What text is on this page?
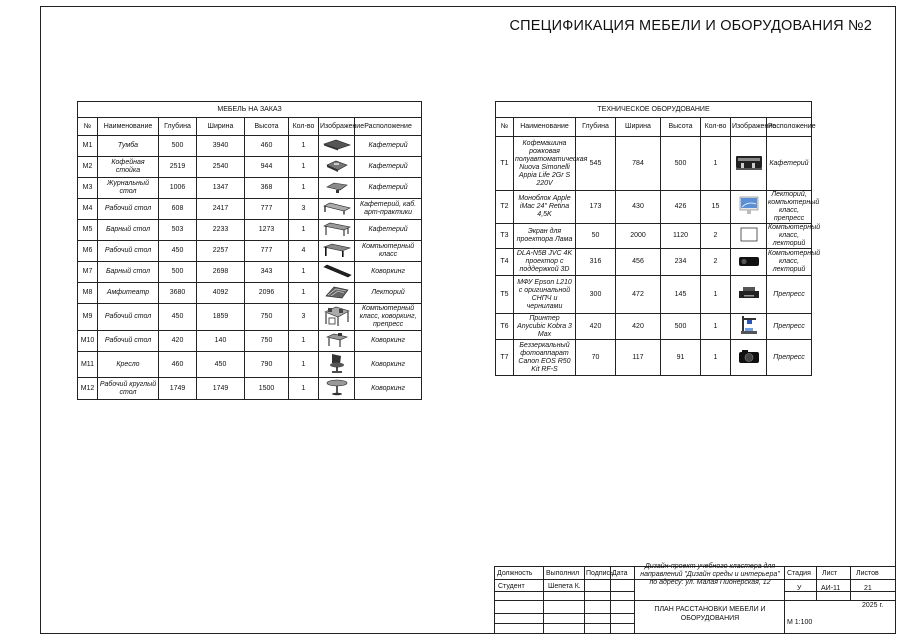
СПЕЦИФИКАЦИЯ МЕБЕЛИ И ОБОРУДОВАНИЯ №2
МЕБЕЛЬ НА ЗАКАЗ							
№	Наименование	Глубина	Ширина	Высота	Кол-во	Изображение	Расположение
М1	Тумба	500	3940	460	1		Кафетерий
М2	Кофейная стойка	2519	2540	944	1		Кафетерий
М3	Журнальный стол	1006	1347	368	1		Кафетерий
М4	Рабочий стол	608	2417	777	3		Кафетерий, каб. арт-практики
М5	Барный стол	503	2233	1273	1		Кафетерий
М6	Рабочий стол	450	2257	777	4		Компьютерный класс
М7	Барный стол	500	2698	343	1		Коворкинг
М8	Амфитеатр	3680	4092	2096	1		Лекторий
М9	Рабочий стол	450	1859	750	3		Компьютерный класс, коворкинг, препресс
М10	Рабочий стол	420	140	750	1		Коворкинг
М11	Кресло	460	450	790	1		Коворкинг
М12	Рабочий круглый стол	1749	1749	1500	1		Коворкинг
ТЕХНИЧЕСКОЕ ОБОРУДОВАНИЕ							
№	Наименование	Глубина	Ширина	Высота	Кол-во	Изображение	Расположение
Т1	Кофемашина рожковая полуавтоматическая Nuova Simonelli Appia Life 2Gr S 220V	545	784	500	1		Кафетерий
Т2	Моноблок Apple iMac 24" Retina 4,5K	173	430	426	15		Лекторий, компьютерный класс, препресс
Т3	Экран для проектора Лама	50	2000	1120	2		Компьютерный класс, лекторий
Т4	DLA-N5B JVC 4K проектор с поддержкой 3D	316	456	234	2		Компьютерный класс, лекторий
Т5	МФУ Epson L210 с оригинальной СНПЧ и чернилами	300	472	145	1		Препресс
Т6	Принтер Anycubic Kobra 3 Max	420	420	500	1		Препресс
Т7	Беззеркальный фотоаппарат Canon EOS R50 Kit RF-S	70	117	91	1		Препресс
Должность Выполнил Подпись
Дата
Студент	Шепета К.
Дизайн-проект учебного кластера для направлений "Дизайн среды и интерьера" по адресу: ул. Малая Пионерская, 12
Стадия Лист	Листов
У	АИ-11	21
ПЛАН РАССТАНОВКИ МЕБЕЛИ И ОБОРУДОВАНИЯ
М 1:100
2025 г.
